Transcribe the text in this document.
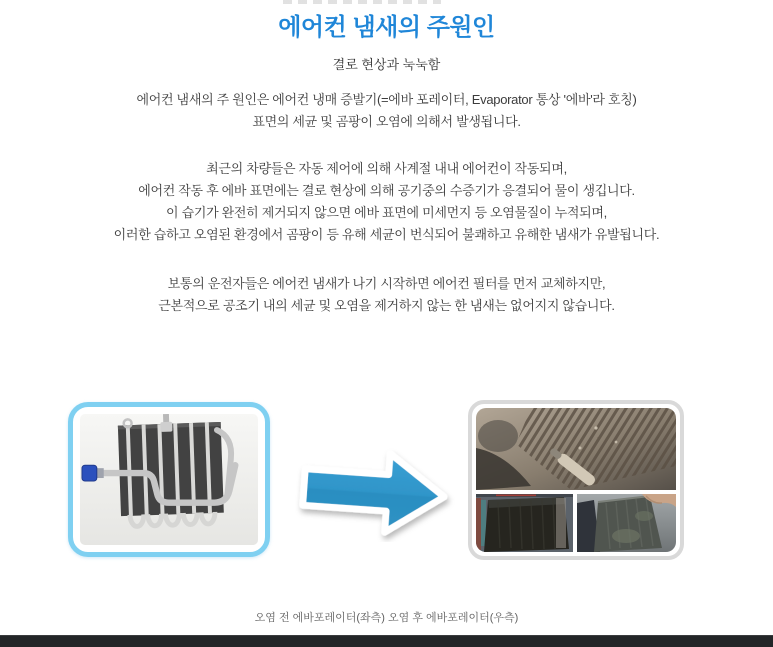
에어컨 냄새의 주원인
결로 현상과 눅눅함
에어컨 냄새의 주 원인은 에어컨 냉매 증발기(=에바 포레이터, Evaporator 통상 '에바'라 호칭)
표면의 세균 및 곰팡이 오염에 의해서 발생됩니다.
최근의 차량들은 자동 제어에 의해 사계절 내내 에어컨이 작동되며,
에어컨 작동 후 에바 표면에는 결로 현상에 의해 공기중의 수증기가 응결되어 물이 생깁니다.
이 습기가 완전히 제거되지 않으면 에바 표면에 미세먼지 등 오염물질이 누적되며,
이러한 습하고 오염된 환경에서 곰팡이 등 유해 세균이 번식되어 불쾌하고 유해한 냄새가 유발됩니다.
보통의 운전자들은 에어컨 냄새가 나기 시작하면 에어컨 필터를 먼저 교체하지만,
근본적으로 공조기 내의 세균 및 오염을 제거하지 않는 한 냄새는 없어지지 않습니다.
오염 전 에바포레이터(좌측) 오염 후 에바포레이터(우측)
